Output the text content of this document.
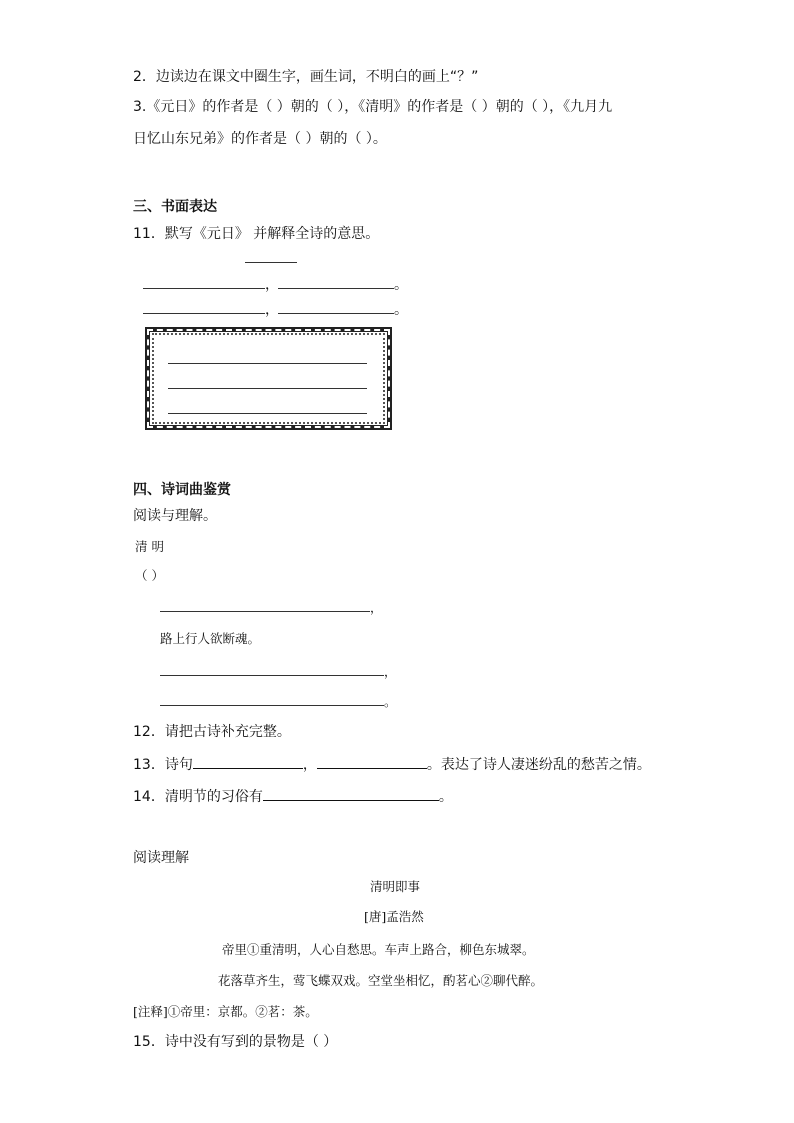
2．边读边在课文中圈生字，画生词，不明白的画上“？”
3.《元日》的作者是（ ）朝的（ ），《清明》的作者是（ ）朝的（ ），《九月九
日忆山东兄弟》的作者是（ ）朝的（ ）。
三、书面表达
11．默写《元日》 并解释全诗的意思。
，	。
，	。
四、诗词曲鉴赏
阅读与理解。
清 明
（ ）
，
路上行人欲断魂。
，
。
12．请把古诗补充完整。
13．诗句	，	。表达了诗人凄迷纷乱的愁苦之情。
14．清明节的习俗有	。
阅读理解
清明即事
[唐]孟浩然
帝里①重清明，人心自愁思。车声上路合，柳色东城翠。
花落草齐生，莺飞蝶双戏。空堂坐相忆，酌茗心②聊代醉。
[注释]①帝里：京都。②茗：茶。
15．诗中没有写到的景物是（ ）
